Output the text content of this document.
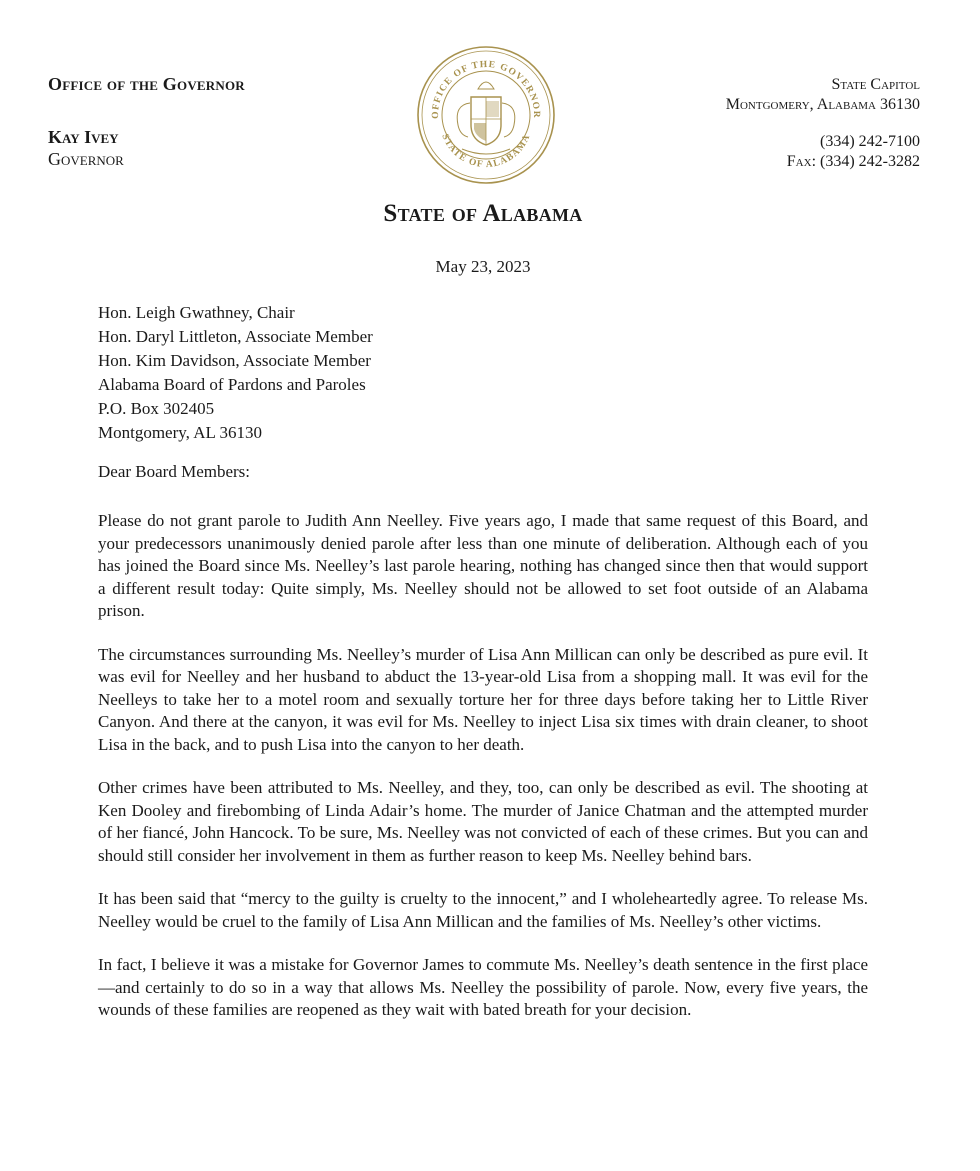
Office of the Governor
Kay Ivey
Governor
OFFICE OF THE GOVERNOR
STATE OF ALABAMA
State Capitol
Montgomery, Alabama 36130
(334) 242-7100
Fax: (334) 242-3282
State of Alabama
May 23, 2023
Hon. Leigh Gwathney, Chair
Hon. Daryl Littleton, Associate Member
Hon. Kim Davidson, Associate Member
Alabama Board of Pardons and Paroles
P.O. Box 302405
Montgomery, AL 36130
Dear Board Members:

Please do not grant parole to Judith Ann Neelley. Five years ago, I made that same request of this Board, and your predecessors unanimously denied parole after less than one minute of deliberation. Although each of you has joined the Board since Ms. Neelley’s last parole hearing, nothing has changed since then that would support a different result today: Quite simply, Ms. Neelley should not be allowed to set foot outside of an Alabama prison.

The circumstances surrounding Ms. Neelley’s murder of Lisa Ann Millican can only be described as pure evil. It was evil for Neelley and her husband to abduct the 13-year-old Lisa from a shopping mall. It was evil for the Neelleys to take her to a motel room and sexually torture her for three days before taking her to Little River Canyon. And there at the canyon, it was evil for Ms. Neelley to inject Lisa six times with drain cleaner, to shoot Lisa in the back, and to push Lisa into the canyon to her death.

Other crimes have been attributed to Ms. Neelley, and they, too, can only be described as evil. The shooting at Ken Dooley and firebombing of Linda Adair’s home. The murder of Janice Chatman and the attempted murder of her fiancé, John Hancock. To be sure, Ms. Neelley was not convicted of each of these crimes. But you can and should still consider her involvement in them as further reason to keep Ms. Neelley behind bars.

It has been said that “mercy to the guilty is cruelty to the innocent,” and I wholeheartedly agree. To release Ms. Neelley would be cruel to the family of Lisa Ann Millican and the families of Ms. Neelley’s other victims.

In fact, I believe it was a mistake for Governor James to commute Ms. Neelley’s death sentence in the first place—and certainly to do so in a way that allows Ms. Neelley the possibility of parole. Now, every five years, the wounds of these families are reopened as they wait with bated breath for your decision.
